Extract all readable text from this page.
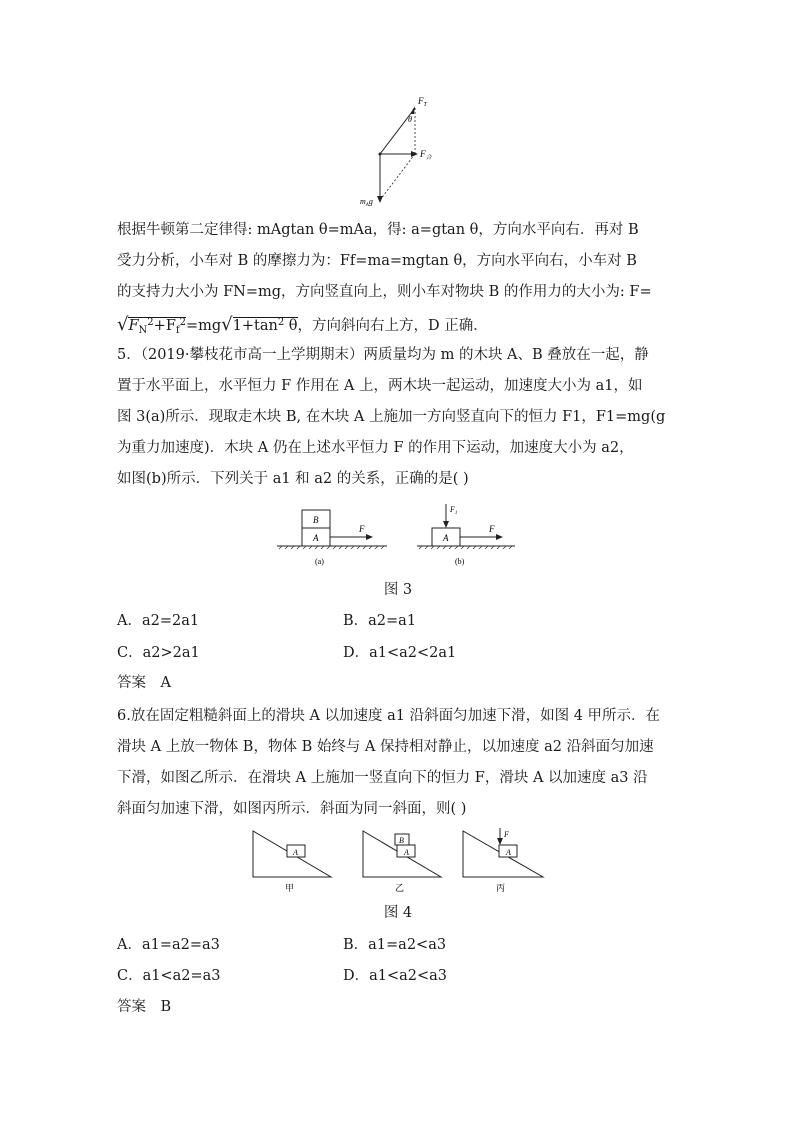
$F_T$
θ
$F_合$
$m_Ag$
根据牛顿第二定律得: mAgtan θ=mAa，得: a=gtan θ，方向水平向右．再对 B
受力分析，小车对 B 的摩擦力为：Ff=ma=mgtan θ，方向水平向右，小车对 B
的支持力大小为 FN=mg，方向竖直向上，则小车对物块 B 的作用力的大小为: F=
$√F_N^2+F_f^2=mg√1+\tan^2$ θ，方向斜向右上方，D 正确．
5．（2019·攀枝花市高一上学期期末）两质量均为 m 的木块 A、B 叠放在一起，静
置于水平面上，水平恒力 F 作用在 A 上，两木块一起运动，加速度大小为 a1，如
图 3(a)所示．现取走木块 B, 在木块 A 上施加一方向竖直向下的恒力 F1，F1=mg(g
为重力加速度)．木块 A 仍在上述水平恒力 F 的作用下运动，加速度大小为 a2，
如图(b)所示．下列关于 a1 和 a2 的关系，正确的是( )
B
A
F
(a)
A
F
$F_1$
(b)
图 3
A．a2=2a1	B．a2=a1
C．a2>2a1	D．a1<a2<2a1
答案　A
6.放在固定粗糙斜面上的滑块 A 以加速度 a1 沿斜面匀加速下滑，如图 4 甲所示．在
滑块 A 上放一物体 B，物体 B 始终与 A 保持相对静止，以加速度 a2 沿斜面匀加速
下滑，如图乙所示．在滑块 A 上施加一竖直向下的恒力 F，滑块 A 以加速度 a3 沿
斜面匀加速下滑，如图丙所示．斜面为同一斜面，则( )
A
甲
B
A
乙
F
A
丙
图 4
A．a1=a2=a3	B．a1=a2<a3
C．a1<a2=a3	D．a1<a2<a3
答案　B
